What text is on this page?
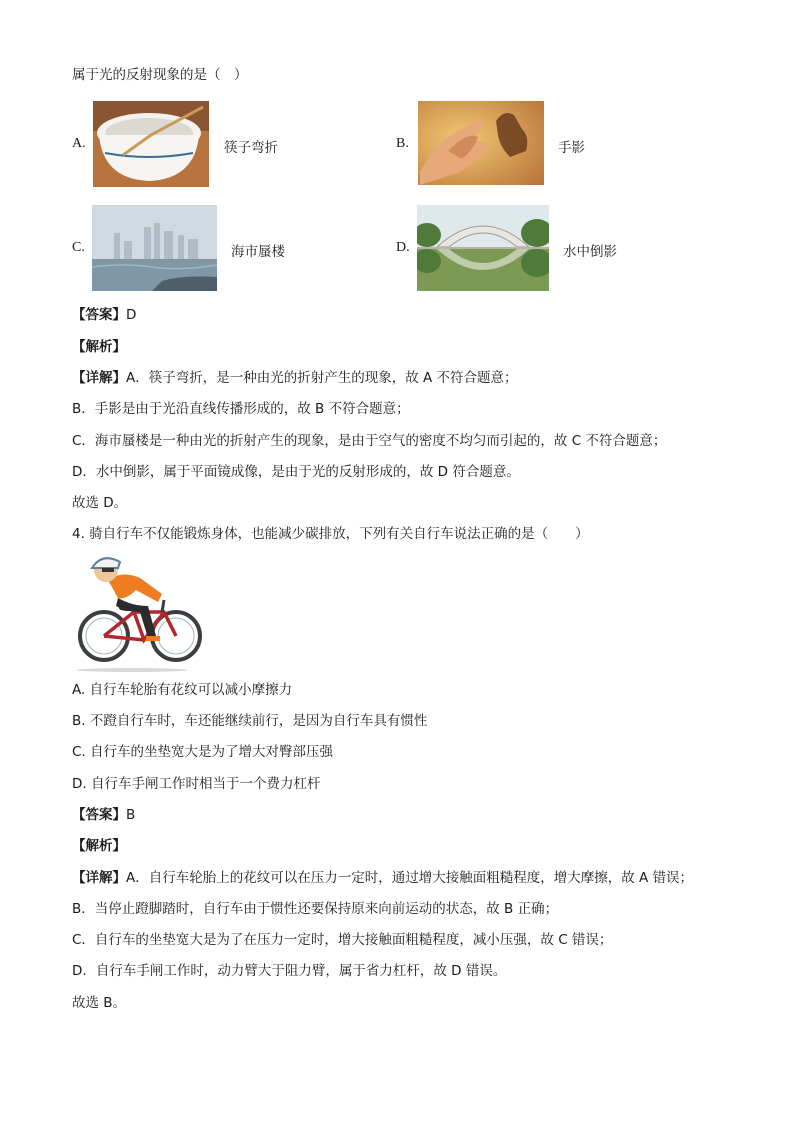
属于光的反射现象的是（　）
A.	筷子弯折	B.	手影
C.	海市蜃楼	D.	水中倒影
【答案】D
【解析】
【详解】A．筷子弯折，是一种由光的折射产生的现象，故 A 不符合题意；
B．手影是由于光沿直线传播形成的，故 B 不符合题意；
C．海市蜃楼是一种由光的折射产生的现象，是由于空气的密度不均匀而引起的，故 C 不符合题意；
D．水中倒影，属于平面镜成像，是由于光的反射形成的，故 D 符合题意。
故选 D。
4. 骑自行车不仅能锻炼身体，也能减少碳排放，下列有关自行车说法正确的是（　　）
A. 自行车轮胎有花纹可以减小摩擦力
B. 不蹬自行车时，车还能继续前行，是因为自行车具有惯性
C. 自行车的坐垫宽大是为了增大对臀部压强
D. 自行车手闸工作时相当于一个费力杠杆
【答案】B
【解析】
【详解】A．自行车轮胎上的花纹可以在压力一定时，通过增大接触面粗糙程度，增大摩擦，故 A 错误；
B．当停止蹬脚踏时，自行车由于惯性还要保持原来向前运动的状态，故 B 正确；
C．自行车的坐垫宽大是为了在压力一定时，增大接触面粗糙程度，减小压强，故 C 错误；
D．自行车手闸工作时，动力臂大于阻力臂，属于省力杠杆，故 D 错误。
故选 B。
